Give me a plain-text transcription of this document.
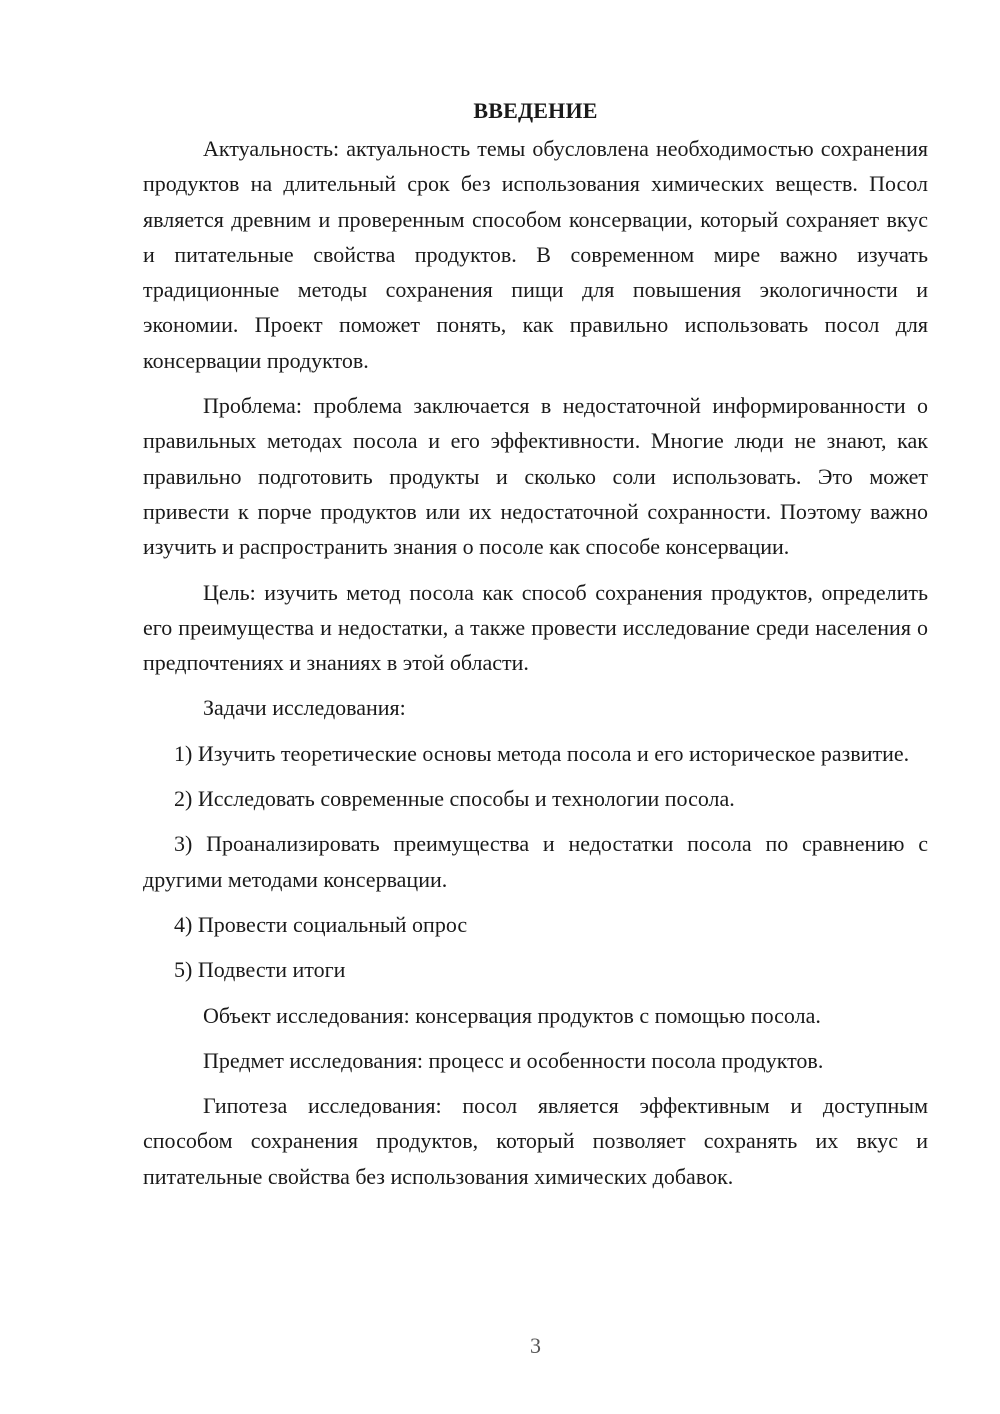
ВВЕДЕНИЕ

Актуальность: актуальность темы обусловлена необходимостью сохранения продуктов на длительный срок без использования химических веществ. Посол является древним и проверенным способом консервации, который сохраняет вкус и питательные свойства продуктов. В современном мире важно изучать традиционные методы сохранения пищи для повышения экологичности и экономии. Проект поможет понять, как правильно использовать посол для консервации продуктов.

Проблема: проблема заключается в недостаточной информированности о правильных методах посола и его эффективности. Многие люди не знают, как правильно подготовить продукты и сколько соли использовать. Это может привести к порче продуктов или их недостаточной сохранности. Поэтому важно изучить и распространить знания о посоле как способе консервации.

Цель: изучить метод посола как способ сохранения продуктов, определить его преимущества и недостатки, а также провести исследование среди населения о предпочтениях и знаниях в этой области.

Задачи исследования:

1) Изучить теоретические основы метода посола и его историческое развитие.

2) Исследовать современные способы и технологии посола.

3) Проанализировать преимущества и недостатки посола по сравнению с другими методами консервации.

4) Провести социальный опрос

5) Подвести итоги

Объект исследования: консервация продуктов с помощью посола.

Предмет исследования: процесс и особенности посола продуктов.

Гипотеза исследования: посол является эффективным и доступным способом сохранения продуктов, который позволяет сохранять их вкус и питательные свойства без использования химических добавок.

3
